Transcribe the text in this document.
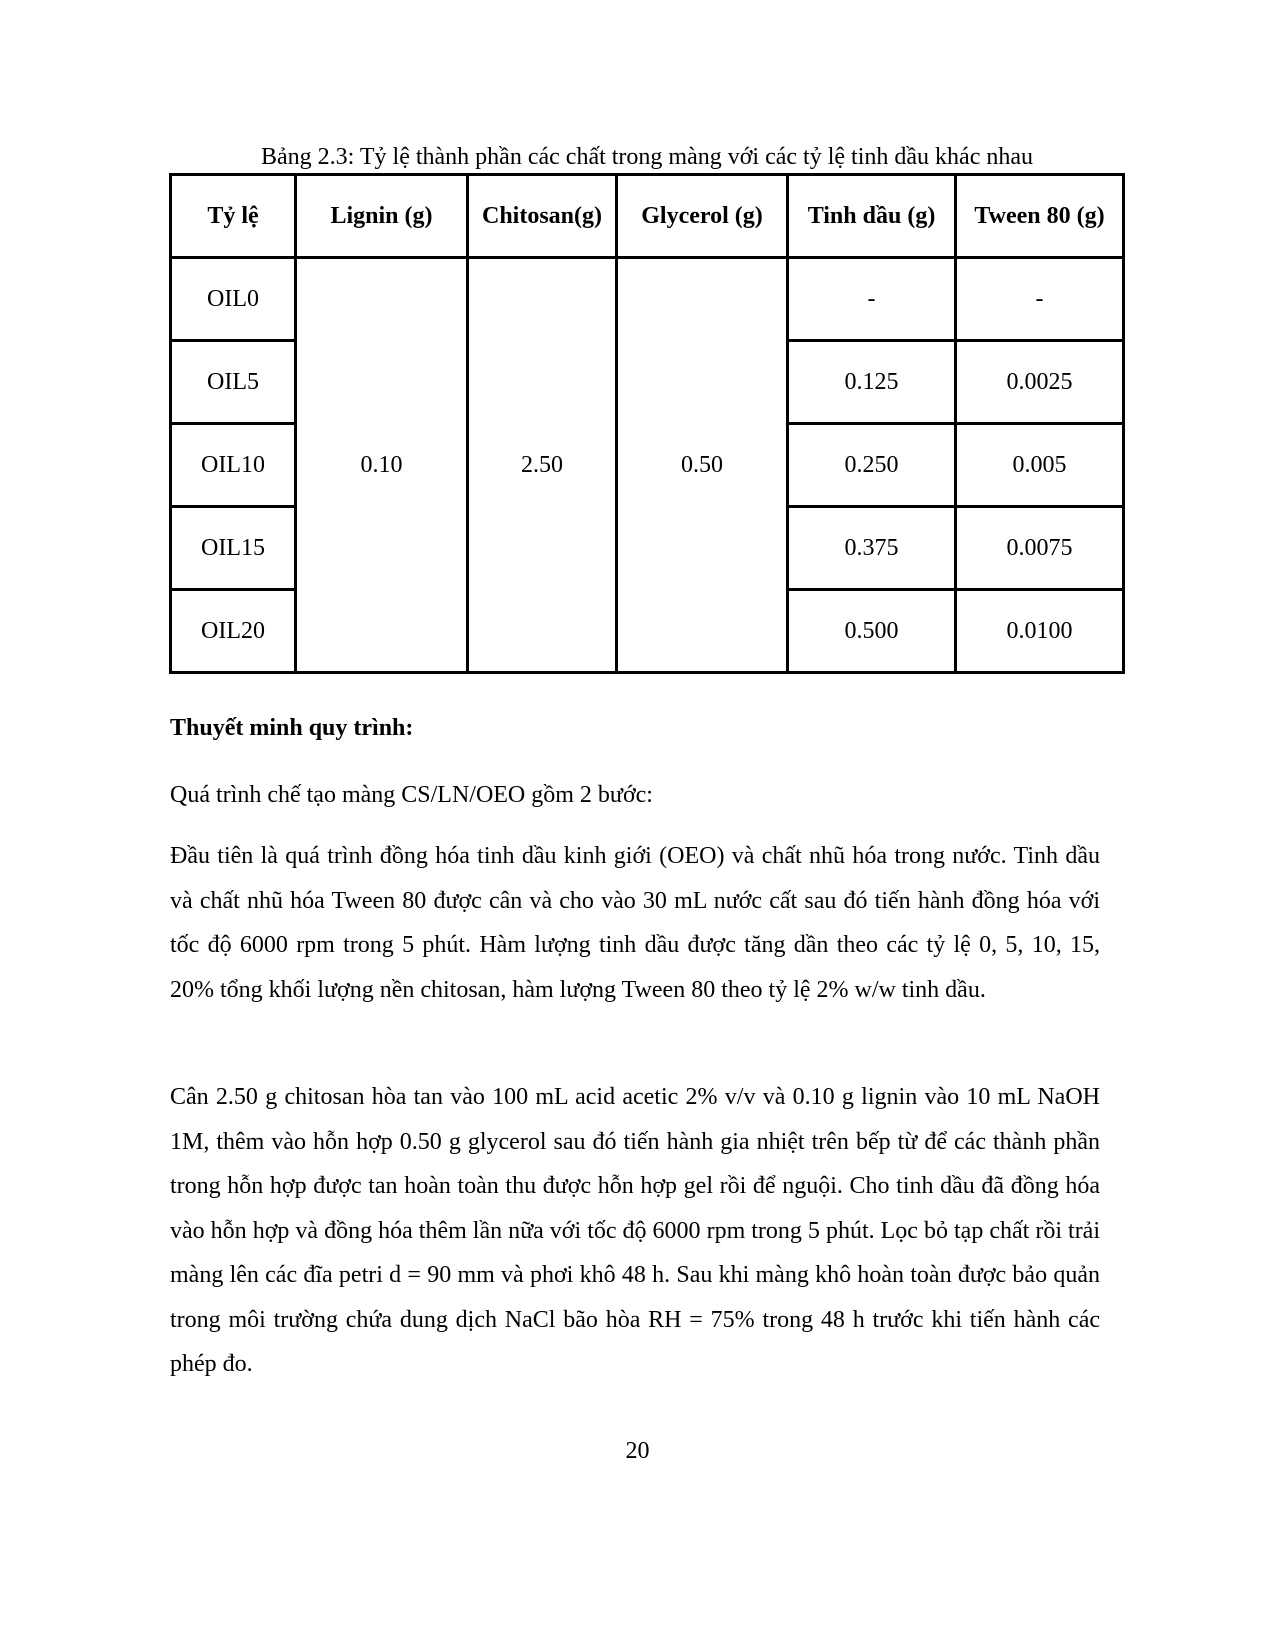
Bảng 2.3: Tỷ lệ thành phần các chất trong màng với các tỷ lệ tinh dầu khác nhau
Tỷ lệ	Lignin (g)	Chitosan(g)	Glycerol (g)	Tinh dầu (g)	Tween 80 (g)
OIL0	0.10	2.50	0.50	-	-
OIL5				0.125	0.0025
OIL10				0.250	0.005
OIL15				0.375	0.0075
OIL20				0.500	0.0100
Thuyết minh quy trình:

Quá trình chế tạo màng CS/LN/OEO gồm 2 bước:

Đầu tiên là quá trình đồng hóa tinh dầu kinh giới (OEO) và chất nhũ hóa trong nước. Tinh dầu và chất nhũ hóa Tween 80 được cân và cho vào 30 mL nước cất sau đó tiến hành đồng hóa với tốc độ 6000 rpm trong 5 phút. Hàm lượng tinh dầu được tăng dần theo các tỷ lệ 0, 5, 10, 15, 20% tổng khối lượng nền chitosan, hàm lượng Tween 80 theo tỷ lệ 2% w/w tinh dầu.

Cân 2.50 g chitosan hòa tan vào 100 mL acid acetic 2% v/v và 0.10 g lignin vào 10 mL NaOH 1M, thêm vào hỗn hợp 0.50 g glycerol sau đó tiến hành gia nhiệt trên bếp từ để các thành phần trong hỗn hợp được tan hoàn toàn thu được hỗn hợp gel rồi để nguội. Cho tinh dầu đã đồng hóa vào hỗn hợp và đồng hóa thêm lần nữa với tốc độ 6000 rpm trong 5 phút. Lọc bỏ tạp chất rồi trải màng lên các đĩa petri d = 90 mm và phơi khô 48 h. Sau khi màng khô hoàn toàn được bảo quản trong môi trường chứa dung dịch NaCl bão hòa RH = 75% trong 48 h trước khi tiến hành các phép đo.

20
